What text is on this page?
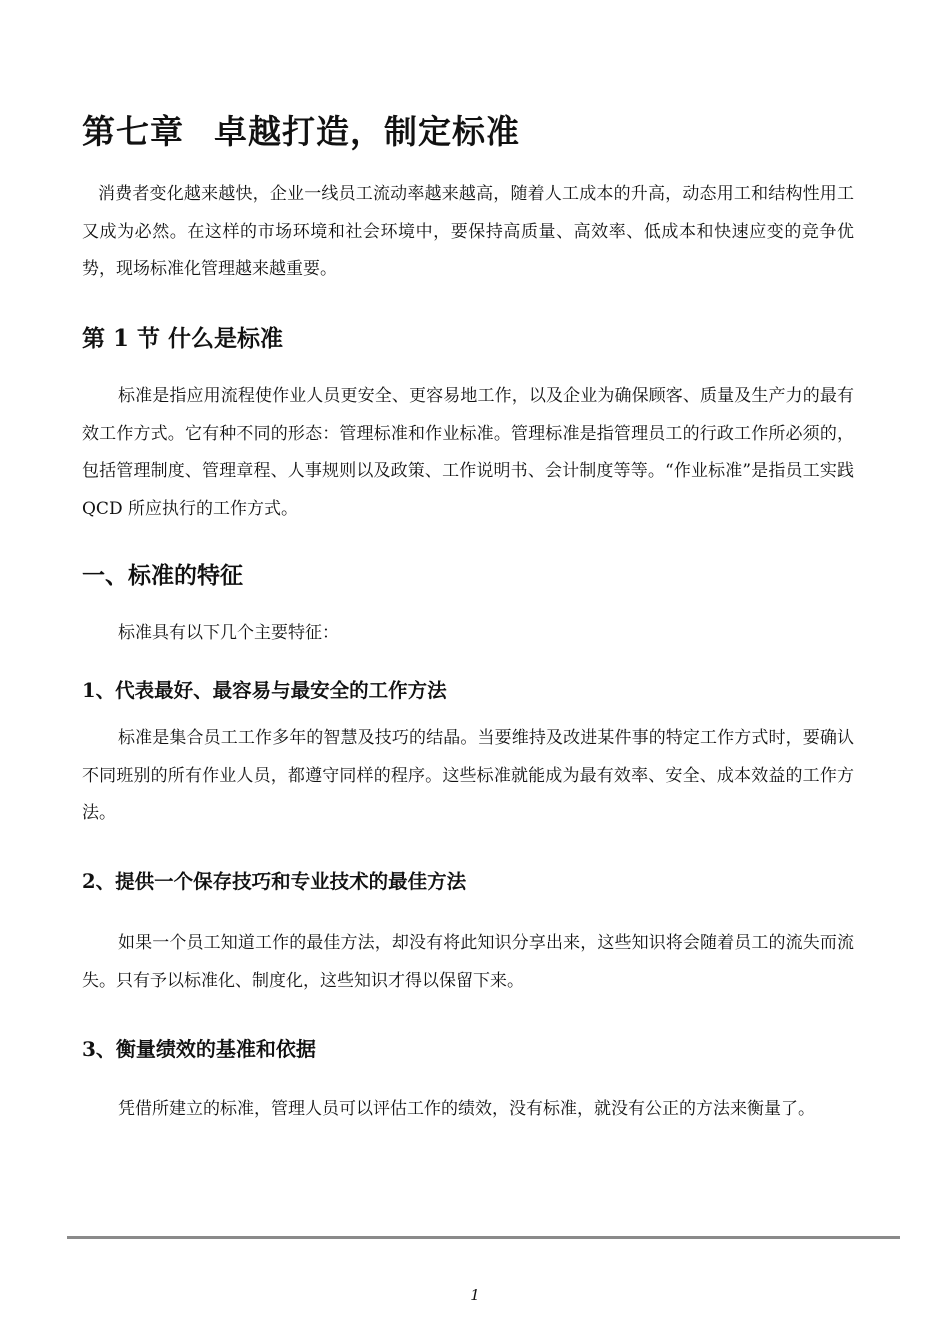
第七章 卓越打造，制定标准

消费者变化越来越快，企业一线员工流动率越来越高，随着人工成本的升高，动态用工和结构性用工又成为必然。在这样的市场环境和社会环境中，要保持高质量、高效率、低成本和快速应变的竞争优势，现场标准化管理越来越重要。

第 1 节 什么是标准

标准是指应用流程使作业人员更安全、更容易地工作，以及企业为确保顾客、质量及生产力的最有效工作方式。它有种不同的形态：管理标准和作业标准。管理标准是指管理员工的行政工作所必须的，包括管理制度、管理章程、人事规则以及政策、工作说明书、会计制度等等。“作业标准”是指员工实践 QCD 所应执行的工作方式。

一、标准的特征

标准具有以下几个主要特征：

1、代表最好、最容易与最安全的工作方法

标准是集合员工工作多年的智慧及技巧的结晶。当要维持及改进某件事的特定工作方式时，要确认不同班别的所有作业人员，都遵守同样的程序。这些标准就能成为最有效率、安全、成本效益的工作方法。

2、提供一个保存技巧和专业技术的最佳方法

如果一个员工知道工作的最佳方法，却没有将此知识分享出来，这些知识将会随着员工的流失而流失。只有予以标准化、制度化，这些知识才得以保留下来。

3、衡量绩效的基准和依据

凭借所建立的标准，管理人员可以评估工作的绩效，没有标准，就没有公正的方法来衡量了。

1
